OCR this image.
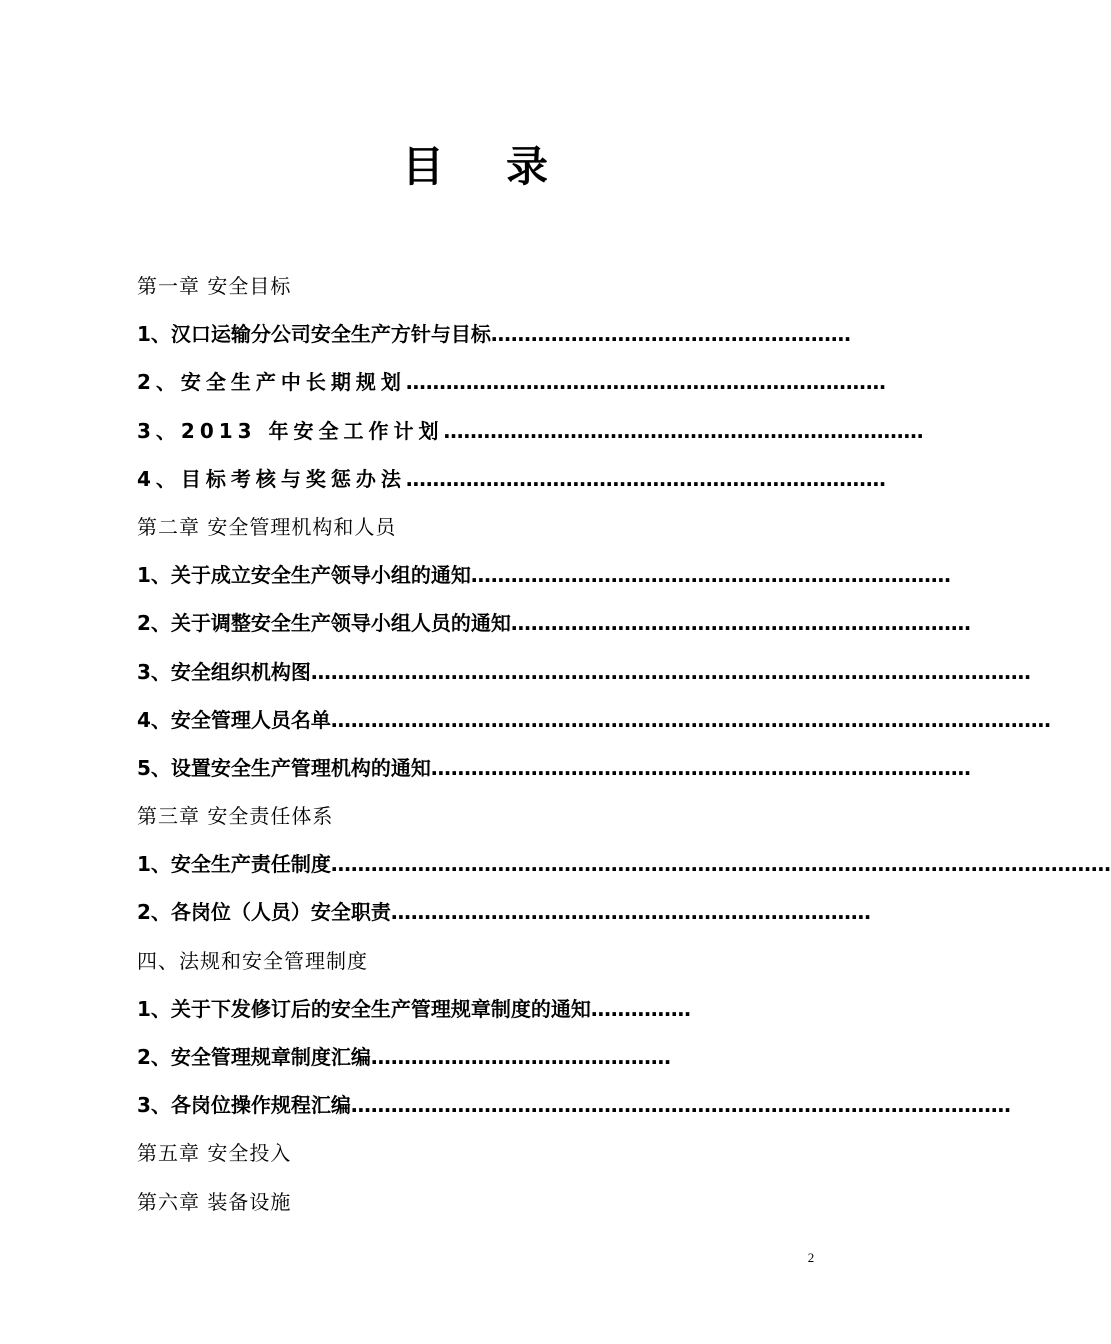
目 录
第一章 安全目标
1、汉口运输分公司安全生产方针与目标 ………………………………………………
2、安全生产中长期规划 ………………………………………………………………
3、2013 年安全工作计划 ………………………………………………………………
4、目标考核与奖惩办法 ………………………………………………………………
第二章 安全管理机构和人员
1、关于成立安全生产领导小组的通知 ………………………………………………………………
2、关于调整安全生产领导小组人员的通知 ……………………………………………………………
3、安全组织机构图 ………………………………………………………………………………………………
4、安全管理人员名单 ………………………………………………………………………………………………
5、设置安全生产管理机构的通知 ………………………………………………………………………
第三章 安全责任体系
1、安全生产责任制度 ………………………………………………………………………………………………………
2、各岗位（人员）安全职责 ………………………………………………………………
四、法规和安全管理制度
1、关于下发修订后的安全生产管理规章制度的通知 ……………
2、安全管理规章制度汇编 ………………………………………
3、各岗位操作规程汇编 ………………………………………………………………………………………
第五章 安全投入
第六章 装备设施
2
